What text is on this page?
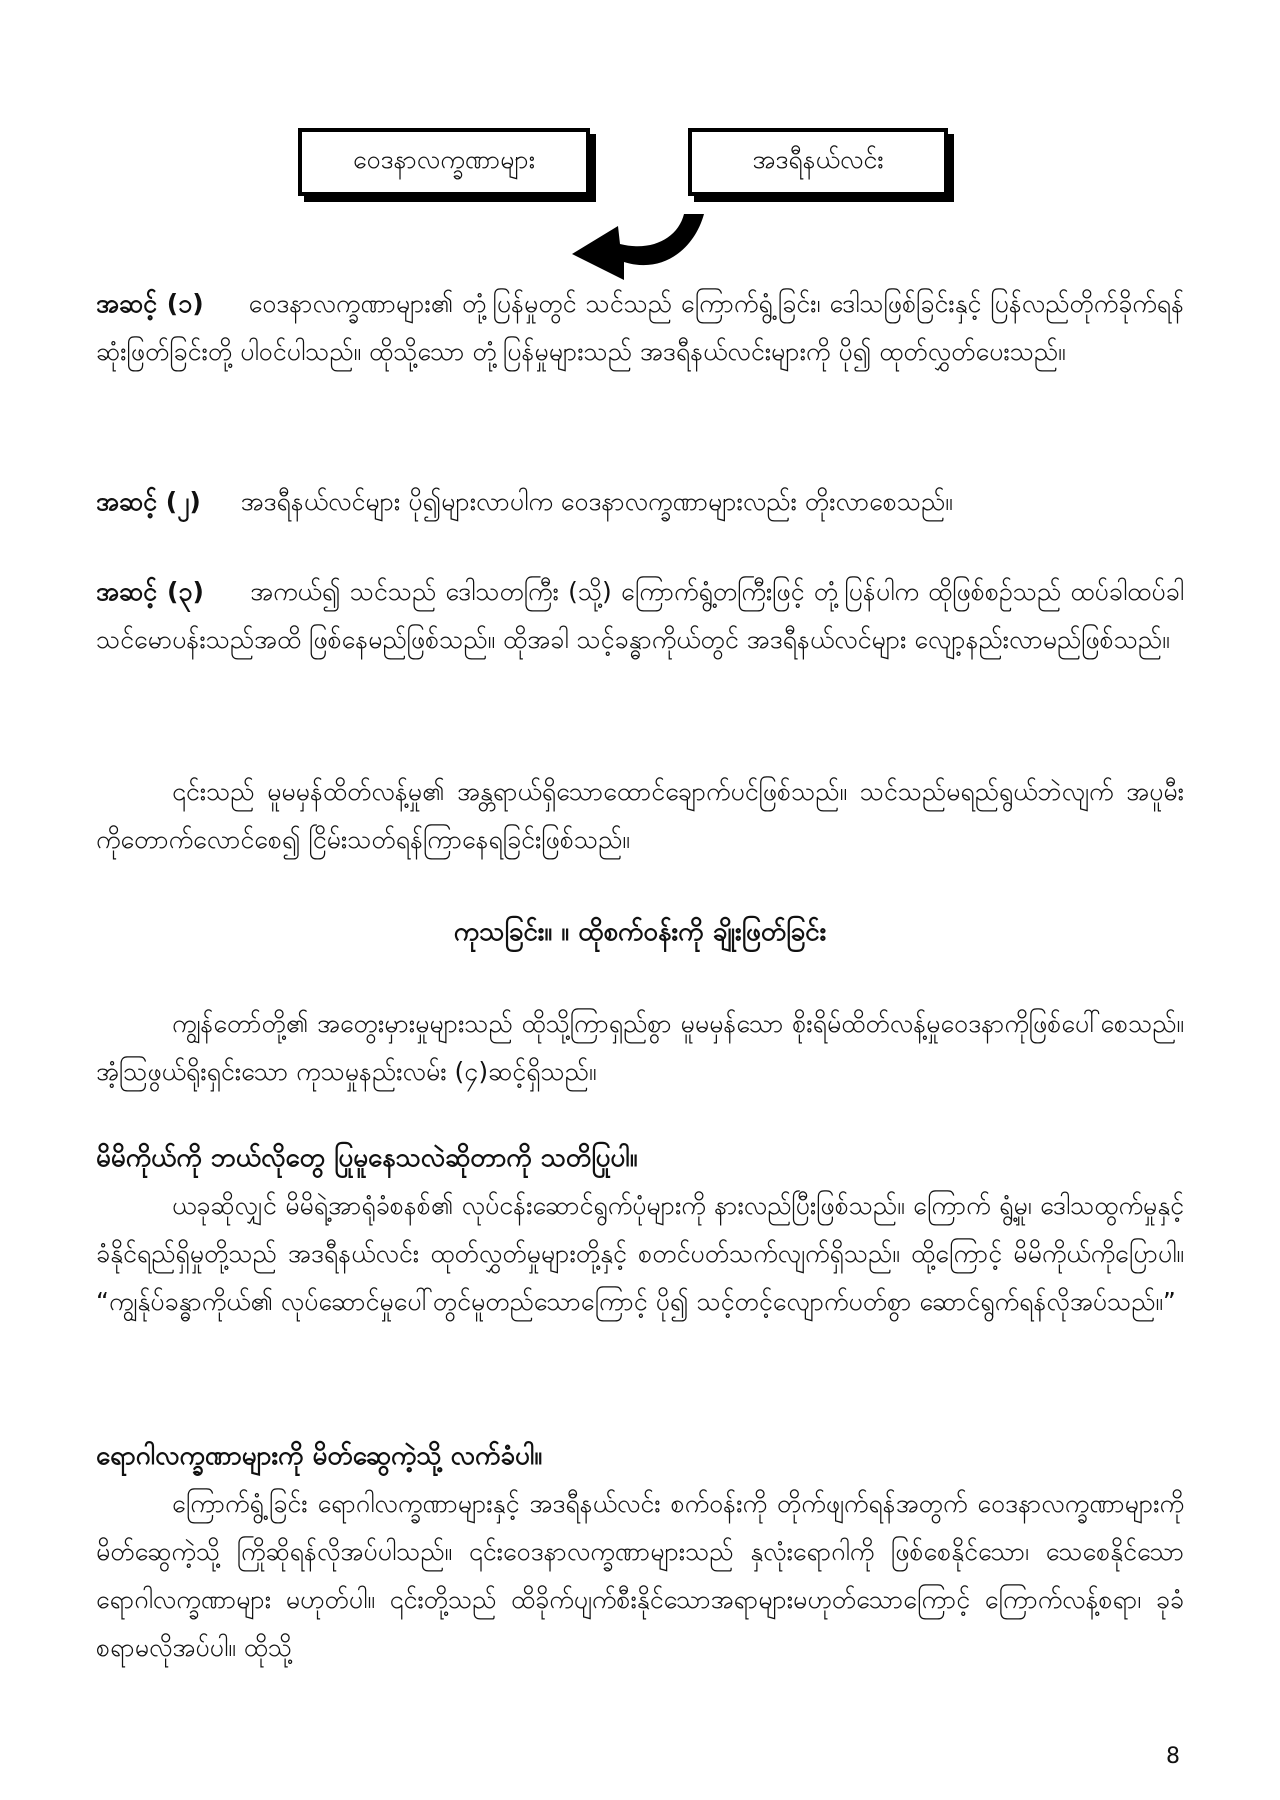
ဝေဒနာလက္ခဏာများ	အဒရီနယ်လင်း

အဆင့် (၁) ဝေဒနာလက္ခဏာများ၏ တုံ့ပြန်မှုတွင် သင်သည် ကြောက်ရွံ့ခြင်း၊ ဒေါသဖြစ်ခြင်းနှင့် ပြန်လည်တိုက်ခိုက်ရန် ဆုံးဖြတ်ခြင်းတို့ ပါဝင်ပါသည်။ ထိုသို့သော တုံ့ပြန်မှုများသည် အဒရီနယ်လင်းများကို ပို၍ ထုတ်လွှတ်ပေးသည်။

အဆင့် (၂) အဒရီနယ်လင်များ ပို၍များလာပါက ဝေဒနာလက္ခဏာများလည်း တိုးလာစေသည်။

အဆင့် (၃) အကယ်၍ သင်သည် ဒေါသတကြီး (သို့) ကြောက်ရွံ့တကြီးဖြင့် တုံ့ပြန်ပါက ထိုဖြစ်စဉ်သည် ထပ်ခါထပ်ခါ သင်မောပန်းသည်အထိ ဖြစ်နေမည်ဖြစ်သည်။ ထိုအခါ သင့်ခန္ဓာကိုယ်တွင် အဒရီနယ်လင်များ လျော့နည်းလာမည်ဖြစ်သည်။

၎င်းသည် မူမမှန်ထိတ်လန့်မှု၏ အန္တရာယ်ရှိသောထောင်ချောက်ပင်ဖြစ်သည်။ သင်သည်မရည်ရွယ်ဘဲလျက် အပူမီးကိုတောက်လောင်စေ၍ ငြိမ်းသတ်ရန်ကြာနေရခြင်းဖြစ်သည်။

ကုသခြင်း။ ။ ထိုစက်ဝန်းကို ချိုးဖြတ်ခြင်း

ကျွန်တော်တို့၏ အတွေးမှားမှုများသည် ထိုသို့ကြာရှည်စွာ မူမမှန်သော စိုးရိမ်ထိတ်လန့်မှုဝေဒနာကိုဖြစ်ပေါ်စေသည်။ အံ့သြဖွယ်ရိုးရှင်းသော ကုသမှုနည်းလမ်း (၄)ဆင့်ရှိသည်။

မိမိကိုယ်ကို ဘယ်လိုတွေ ပြုမူနေသလဲဆိုတာကို သတိပြုပါ။

ယခုဆိုလျှင် မိမိရဲ့အာရုံခံစနစ်၏ လုပ်ငန်းဆောင်ရွက်ပုံများကို နားလည်ပြီးဖြစ်သည်။ ကြောက် ရွံ့မှု၊ ဒေါသထွက်မှုနှင့် ခံနိုင်ရည်ရှိမှုတို့သည် အဒရီနယ်လင်း ထုတ်လွှတ်မှုများတို့နှင့် စတင်ပတ်သက်လျက်ရှိသည်။ ထို့ကြောင့် မိမိကိုယ်ကိုပြောပါ။ “ကျွန်ုပ်ခန္ဓာကိုယ်၏ လုပ်ဆောင်မှုပေါ်တွင်မူတည်သောကြောင့် ပို၍ သင့်တင့်လျောက်ပတ်စွာ ဆောင်ရွက်ရန်လိုအပ်သည်။”

ရောဂါလက္ခဏာများကို မိတ်ဆွေကဲ့သို့ လက်ခံပါ။

ကြောက်ရွံ့ခြင်း ရောဂါလက္ခဏာများနှင့် အဒရီနယ်လင်း စက်ဝန်းကို တိုက်ဖျက်ရန်အတွက် ဝေဒနာလက္ခဏာများကို မိတ်ဆွေကဲ့သို့ ကြိုဆိုရန်လိုအပ်ပါသည်။ ၎င်းဝေဒနာလက္ခဏာများသည် နှလုံးရောဂါကို ဖြစ်စေနိုင်သော၊ သေစေနိုင်သောရောဂါလက္ခဏာများ မဟုတ်ပါ။ ၎င်းတို့သည် ထိခိုက်ပျက်စီးနိုင်သောအရာများမဟုတ်သောကြောင့် ကြောက်လန့်စရာ၊ ခုခံစရာမလိုအပ်ပါ။ ထိုသို့

8
